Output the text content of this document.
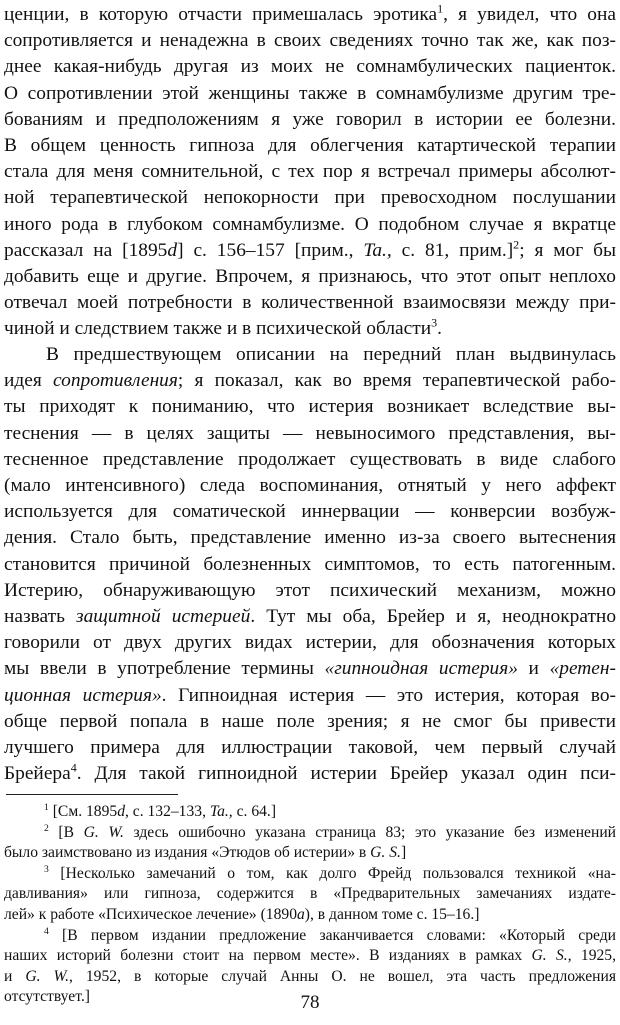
ценции, в которую отчасти примешалась эротика$^1$, я увидел, что она
сопротивляется и ненадежна в своих сведениях точно так же, как поз-
днее какая-нибудь другая из моих не сомнамбулических пациенток.
О сопротивлении этой женщины также в сомнамбулизме другим тре-
бованиям и предположениям я уже говорил в истории ее болезни.
В общем ценность гипноза для облегчения катартической терапии
стала для меня сомнительной, с тех пор я встречал примеры абсолют-
ной терапевтической непокорности при превосходном послушании
иного рода в глубоком сомнамбулизме. О подобном случае я вкратце
рассказал на [1895d] с. 156–157 [прим., Ta., с. 81, прим.]$^2$; я мог бы
добавить еще и другие. Впрочем, я признаюсь, что этот опыт неплохо
отвечал моей потребности в количественной взаимосвязи между при-
чиной и следствием также и в психической области$^3$.
В предшествующем описании на передний план выдвинулась
идея сопротивления; я показал, как во время терапевтической рабо-
ты приходят к пониманию, что истерия возникает вследствие вы-
теснения — в целях защиты — невыносимого представления, вы-
тесненное представление продолжает существовать в виде слабого
(мало интенсивного) следа воспоминания, отнятый у него аффект
используется для соматической иннервации — конверсии возбуж-
дения. Стало быть, представление именно из-за своего вытеснения
становится причиной болезненных симптомов, то есть патогенным.
Истерию, обнаруживающую этот психический механизм, можно
назвать защитной истерией. Тут мы оба, Брейер и я, неоднократно
говорили от двух других видах истерии, для обозначения которых
мы ввели в употребление термины «гипноидная истерия» и «ретен-
ционная истерия». Гипноидная истерия — это истерия, которая во-
обще первой попала в наше поле зрения; я не смог бы привести
лучшего примера для иллюстрации таковой, чем первый случай
Брейера$^4$. Для такой гипноидной истерии Брейер указал один пси-
$^1$ [См. 1895d, с. 132–133, Ta., с. 64.]
$^2$ [В G. W. здесь ошибочно указана страница 83; это указание без изменений
было заимствовано из издания «Этюдов об истерии» в G. S.]
$^3$ [Несколько замечаний о том, как долго Фрейд пользовался техникой «на-
давливания» или гипноза, содержится в «Предварительных замечаниях издате-
лей» к работе «Психическое лечение» (1890a), в данном томе с. 15–16.]
$^4$ [В первом издании предложение заканчивается словами: «Который среди
наших историй болезни стоит на первом месте». В изданиях в рамках G. S., 1925,
и G. W., 1952, в которые случай Анны О. не вошел, эта часть предложения
отсутствует.]	78
